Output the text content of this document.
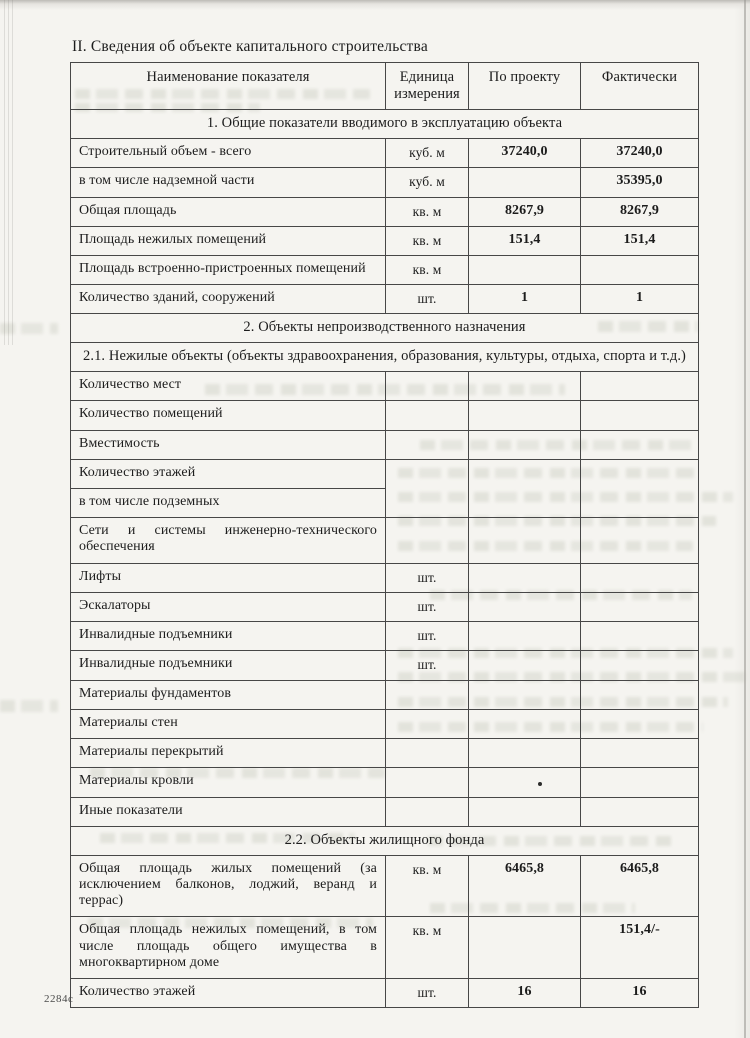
II. Сведения об объекте капитального строительства
Наименование показателя	Единица измерения	По проекту	Фактически
1. Общие показатели вводимого в эксплуатацию объекта			
Строительный объем - всего	куб. м	37240,0	37240,0
в том числе надземной части	куб. м		35395,0
Общая площадь	кв. м	8267,9	8267,9
Площадь нежилых помещений	кв. м	151,4	151,4
Площадь встроенно-пристроенных помещений	кв. м		
Количество зданий, сооружений	шт.	1	1
2. Объекты непроизводственного назначения			
2.1. Нежилые объекты (объекты здравоохранения, образования, культуры, отдыха, спорта и т.д.)			
Количество мест			
Количество помещений			
Вместимость			
Количество этажей			
в том числе подземных			
Сети и системы инженерно-технического обеспечения			
Лифты	шт.		
Эскалаторы	шт.		
Инвалидные подъемники	шт.		
Инвалидные подъемники	шт.		
Материалы фундаментов			
Материалы стен			
Материалы перекрытий			
Материалы кровли			
Иные показатели			
2.2. Объекты жилищного фонда			
Общая площадь жилых помещений (за исключением балконов, лоджий, веранд и террас)	кв. м	6465,8	6465,8
Общая площадь нежилых помещений, в том числе площадь общего имущества в многоквартирном доме	кв. м		151,4/-
Количество этажей	шт.	16	16
2284с
